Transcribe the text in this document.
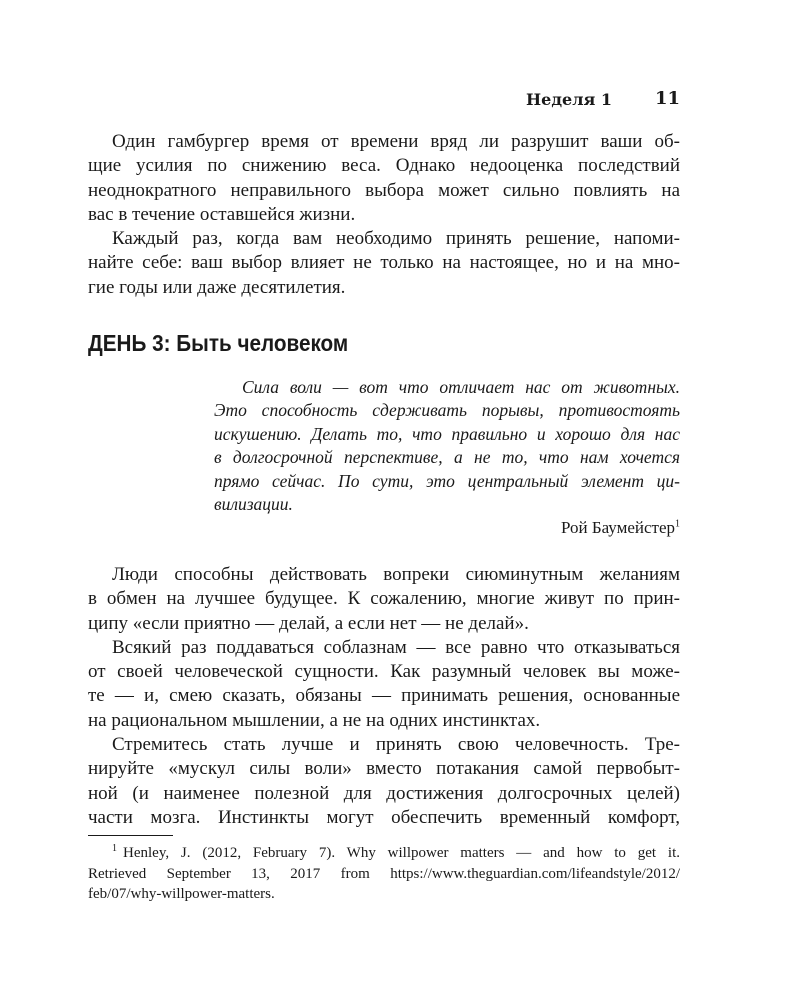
Неделя 1 11
Один гамбургер время от времени вряд ли разрушит ваши об-
щие усилия по снижению веса. Однако недооценка последствий
неоднократного неправильного выбора может сильно повлиять на
вас в течение оставшейся жизни.
Каждый раз, когда вам необходимо принять решение, напоми-
найте себе: ваш выбор влияет не только на настоящее, но и на мно-
гие годы или даже десятилетия.
ДЕНЬ 3: Быть человеком
Сила воли — вот что отличает нас от животных.
Это способность сдерживать порывы, противостоять
искушению. Делать то, что правильно и хорошо для нас
в долгосрочной перспективе, а не то, что нам хочется
прямо сейчас. По сути, это центральный элемент ци-
вилизации.
Рой Баумейстер$^1$
Люди способны действовать вопреки сиюминутным желаниям
в обмен на лучшее будущее. К сожалению, многие живут по прин-
ципу «если приятно — делай, а если нет — не делай».
Всякий раз поддаваться соблазнам — все равно что отказываться
от своей человеческой сущности. Как разумный человек вы може-
те — и, смею сказать, обязаны — принимать решения, основанные
на рациональном мышлении, а не на одних инстинктах.
Стремитесь стать лучше и принять свою человечность. Тре-
нируйте «мускул силы воли» вместо потакания самой первобыт-
ной (и наименее полезной для достижения долгосрочных целей)
части мозга. Инстинкты могут обеспечить временный комфорт,
$^1$ Henley, J. (2012, February 7). Why willpower matters — and how to get it.
Retrieved September 13, 2017 from https://www.theguardian.com/lifeandstyle/2012/
feb/07/why-willpower-matters.
